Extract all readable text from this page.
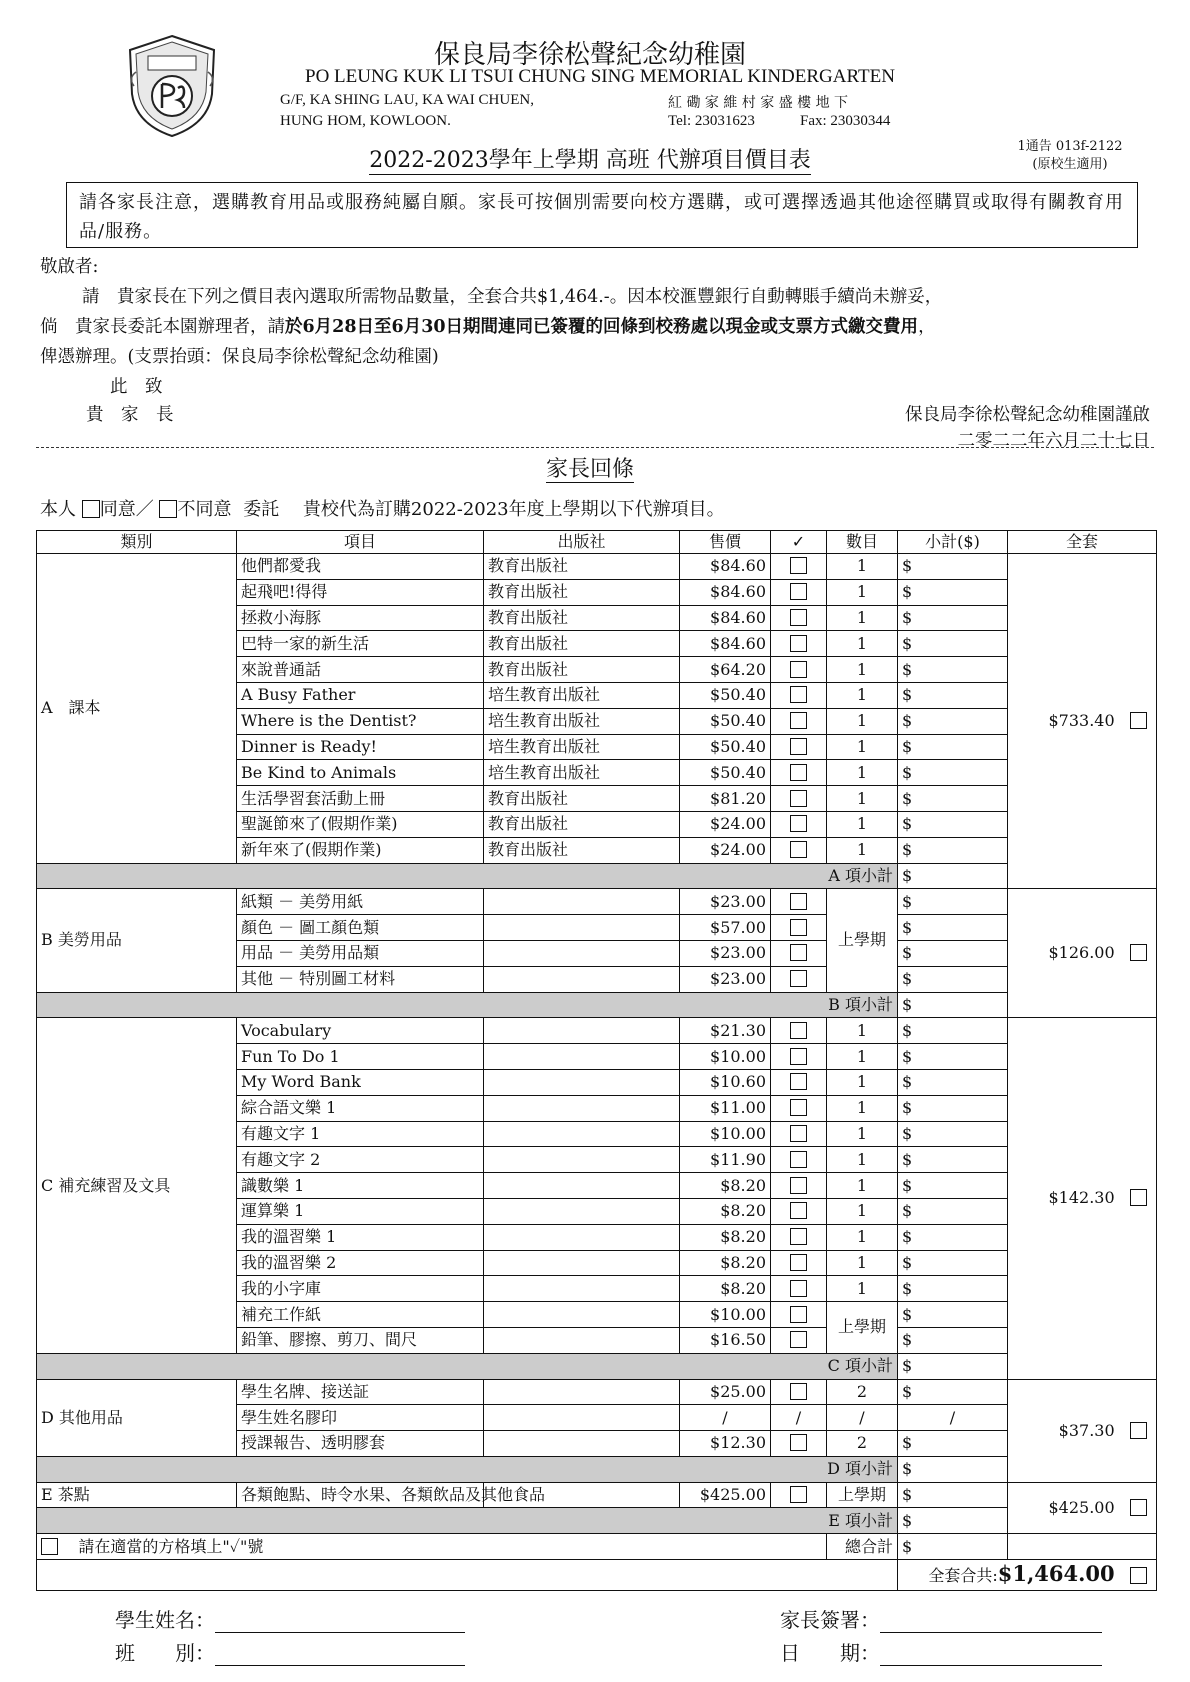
保良局李徐松聲紀念幼稚園
PO LEUNG KUK LI TSUI CHUNG SING MEMORIAL KINDERGARTEN
G/F, KA SHING LAU, KA WAI CHUEN,
HUNG HOM, KOWLOON.
紅 磡 家 維 村 家 盛 樓 地 下
Tel: 23031623	Fax: 23030344
1通告 013f-2122
(原校生適用)
2022-2023學年上學期 高班 代辦項目價目表
請各家長注意，選購教育用品或服務純屬自願。家長可按個別需要向校方選購，或可選擇透過其他途徑購買或取得有關教育用品/服務。
敬啟者:
請　貴家長在下列之價目表內選取所需物品數量，全套合共$1,464.-。因本校滙豐銀行自動轉賬手續尚未辦妥，
倘　貴家長委託本園辦理者，請於6月28日至6月30日期間連同已簽覆的回條到校務處以現金或支票方式繳交費用，
俾憑辦理。(支票抬頭：保良局李徐松聲紀念幼稚園)
此　致
貴　家　長	保良局李徐松聲紀念幼稚園謹啟
二零二二年六月二十七日
家長回條
本人 同意／ 不同意 委託　 貴校代為訂購2022-2023年度上學期以下代辦項目。
類別	項目	出版社	售價	✓	數目	小計($)	全套
A　課本	他們都愛我	教育出版社	$84.60		1	$	$733.40
	起飛吧!得得	教育出版社	$84.60		1	$	
	拯救小海豚	教育出版社	$84.60		1	$	
	巴特一家的新生活	教育出版社	$84.60		1	$	
	來說普通話	教育出版社	$64.20		1	$	
	A Busy Father	培生教育出版社	$50.40		1	$	
	Where is the Dentist?	培生教育出版社	$50.40		1	$	
	Dinner is Ready!	培生教育出版社	$50.40		1	$	
	Be Kind to Animals	培生教育出版社	$50.40		1	$	
	生活學習套活動上冊	教育出版社	$81.20		1	$	
	聖誕節來了(假期作業)	教育出版社	$24.00		1	$	
	新年來了(假期作業)	教育出版社	$24.00		1	$	
A 項小計						$	
B 美勞用品	紙類 － 美勞用紙		$23.00		上學期	$	$126.00
	顏色 － 圖工顏色類		$57.00			$	
	用品 － 美勞用品類		$23.00			$	
	其他 － 特別圖工材料		$23.00			$	
B 項小計						$	
C 補充練習及文具	Vocabulary		$21.30		1	$	$142.30
	Fun To Do 1		$10.00		1	$	
	My Word Bank		$10.60		1	$	
	綜合語文樂 1		$11.00		1	$	
	有趣文字 1		$10.00		1	$	
	有趣文字 2		$11.90		1	$	
	識數樂 1		$8.20		1	$	
	運算樂 1		$8.20		1	$	
	我的溫習樂 1		$8.20		1	$	
	我的溫習樂 2		$8.20		1	$	
	我的小字庫		$8.20		1	$	
	補充工作紙		$10.00		上學期	$	
	鉛筆、膠擦、剪刀、間尺		$16.50			$	
C 項小計						$	
D 其他用品	學生名牌、接送証		$25.00		2	$	$37.30
	學生姓名膠印		/	/	/	/	
	授課報告、透明膠套		$12.30		2	$	
D 項小計						$	
E 茶點	各類飽點、時令水果、各類飲品及其他食品		$425.00		上學期	$	$425.00
E 項小計						$	
請在適當的方格填上"✓"號					總合計	$	
						全套合共:$1,464.00	
學生姓名：
班　　別：
家長簽署：
日　　期：
